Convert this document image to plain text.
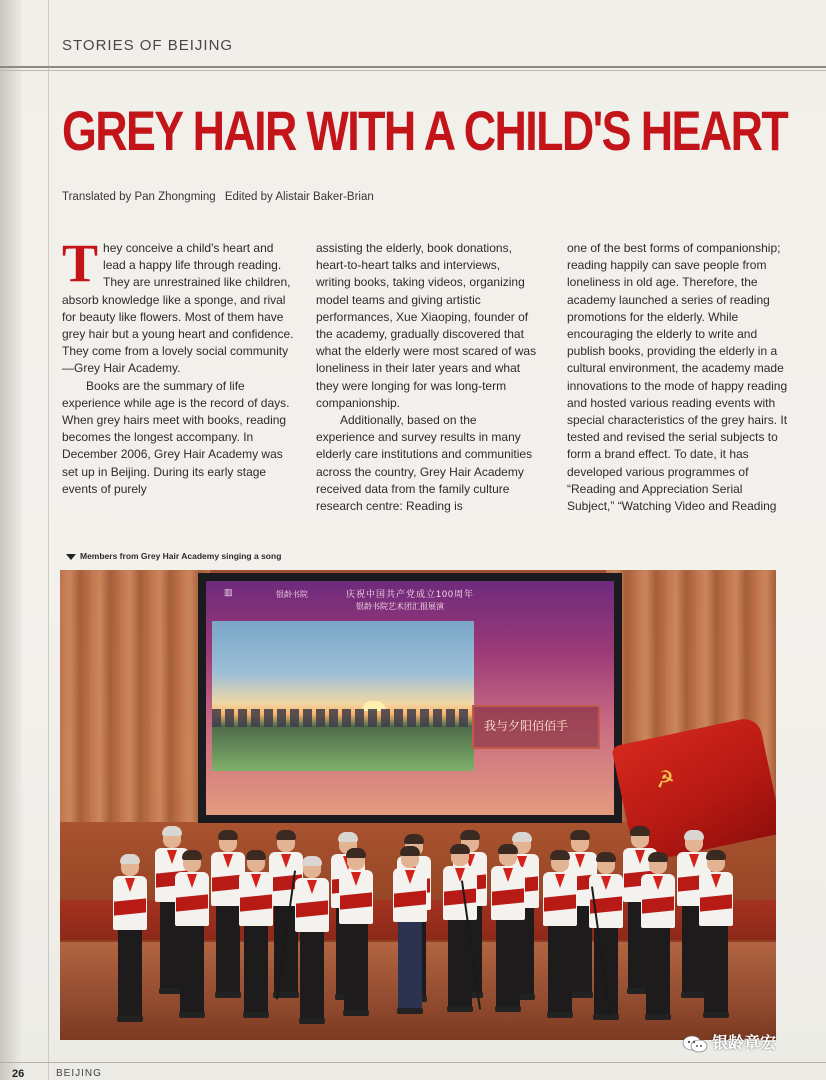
STORIES OF BEIJING
GREY HAIR WITH A CHILD'S HEART
Translated by Pan Zhongming Edited by Alistair Baker-Brian
T hey conceive a child's heart and lead a happy life through reading. They are unrestrained like children, absorb knowledge like a sponge, and rival for beauty like flowers. Most of them have grey hair but a young heart and confidence. They come from a lovely social community—Grey Hair Academy.

Books are the summary of life experience while age is the record of days. When grey hairs meet with books, reading becomes the longest accompany. In December 2006, Grey Hair Academy was set up in Beijing. During its early stage events of purely

assisting the elderly, book donations, heart-to-heart talks and interviews, writing books, taking videos, organizing model teams and giving artistic performances, Xue Xiaoping, founder of the academy, gradually discovered that what the elderly were most scared of was loneliness in their later years and what they were longing for was long-term companionship.

Additionally, based on the experience and survey results in many elderly care institutions and communities across the country, Grey Hair Academy received data from the family culture research centre: Reading is

one of the best forms of companionship; reading happily can save people from loneliness in old age. Therefore, the academy launched a series of reading promotions for the elderly. While encouraging the elderly to write and publish books, providing the elderly in a cultural environment, the academy made innovations to the mode of happy reading and hosted various reading events with special characteristics of the grey hairs. It tested and revised the serial subjects to form a brand effect. To date, it has developed various programmes of “Reading and Appreciation Serial Subject,” “Watching Video and Reading

Members from Grey Hair Academy singing a song
▥	银龄书院	庆祝中国共产党成立100周年
银龄书院艺术团汇报展演
我与夕阳佰佰手
☭
银龄章宏
26	BEIJING
